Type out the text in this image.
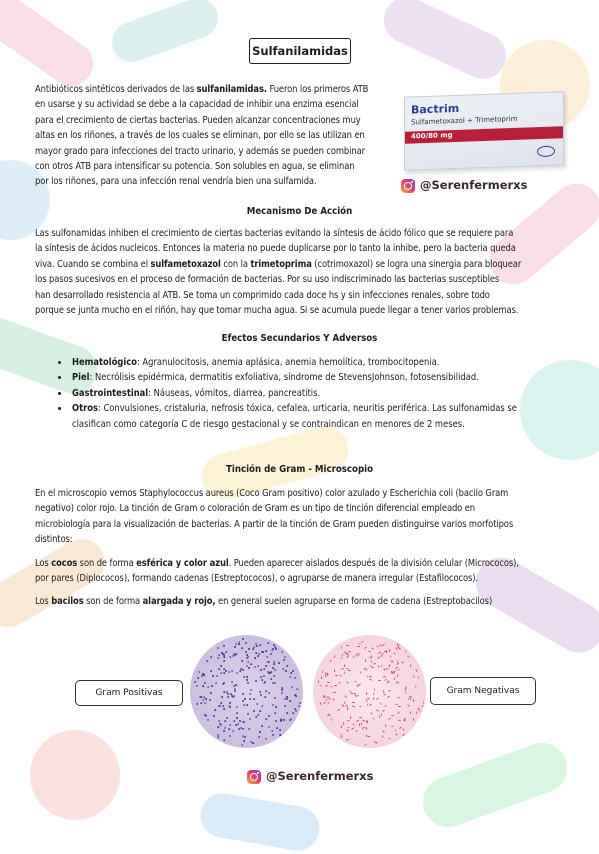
Sulfanilamidas
Antibióticos sintéticos derivados de las sulfanilamidas. Fueron los primeros ATB
en usarse y su actividad se debe a la capacidad de inhibir una enzima esencial
para el crecimiento de ciertas bacterias. Pueden alcanzar concentraciones muy
altas en los riñones, a través de los cuales se eliminan, por ello se las utilizan en
mayor grado para infecciones del tracto urinario, y además se pueden combinar
con otros ATB para intensificar su potencia. Son solubles en agua, se eliminan
por los riñones, para una infección renal vendría bien una sulfamida.
Bactrim
Sulfametoxazol + Trimetoprim
400/80 mg
@Serenfermerxs
Mecanismo De Acción
Las sulfonamidas inhiben el crecimiento de ciertas bacterias evitando la síntesis de ácido fólico que se requiere para
la síntesis de ácidos nucleicos. Entonces la materia no puede duplicarse por lo tanto la inhibe, pero la bacteria queda
viva. Cuando se combina el sulfametoxazol con la trimetoprima (cotrimoxazol) se logra una sinergia para bloquear
los pasos sucesivos en el proceso de formación de bacterias. Por su uso indiscriminado las bacterias susceptibles
han desarrollado resistencia al ATB. Se toma un comprimido cada doce hs y sin infecciones renales, sobre todo
porque se junta mucho en el riñón, hay que tomar mucha agua. Si se acumula puede llegar a tener varios problemas.
Efectos Secundarios Y Adversos
• Hematológico: Agranulocitosis, anemia aplásica, anemia hemolítica, trombocitopenia.
• Piel: Necrólisis epidérmica, dermatitis exfoliativa, síndrome de StevensJohnson, fotosensibilidad.
• Gastrointestinal: Náuseas, vómitos, diarrea, pancreatitis.
• Otros: Convulsiones, cristaluria, nefrosis tóxica, cefalea, urticaria, neuritis periférica. Las sulfonamidas se
clasifican como categoría C de riesgo gestacional y se contraindican en menores de 2 meses.
Tinción de Gram - Microscopio
En el microscopio vemos Staphylococcus aureus (Coco Gram positivo) color azulado y Escherichia coli (bacilo Gram
negativo) color rojo. La tinción de Gram o coloración de Gram es un tipo de tinción diferencial empleado en
microbiología para la visualización de bacterias. A partir de la tinción de Gram pueden distinguirse varios morfotipos
distintos:
Los cocos son de forma esférica y color azul. Pueden aparecer aislados después de la división celular (Micrococos),
por pares (Diplococos), formando cadenas (Estreptococos), o agruparse de manera irregular (Estafilococos).
Los bacilos son de forma alargada y rojo, en general suelen agruparse en forma de cadena (Estreptobacilos)
Gram Positivas	Gram Negativas
@Serenfermerxs
